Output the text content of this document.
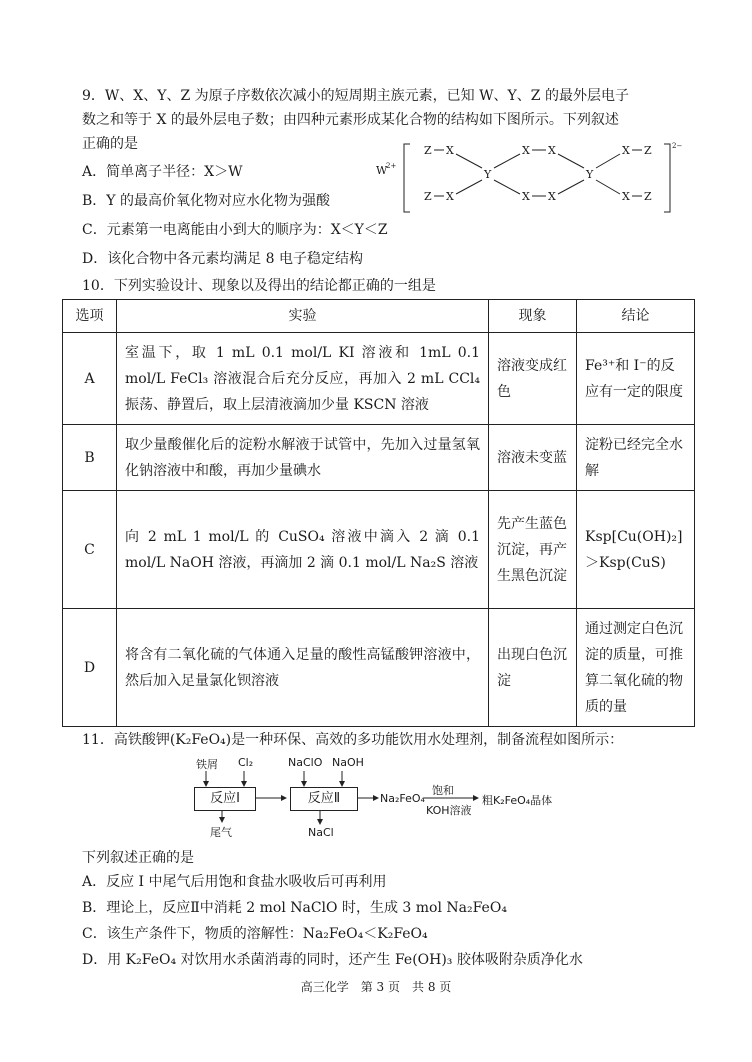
9．W、X、Y、Z 为原子序数依次减小的短周期主族元素，已知 W、Y、Z 的最外层电子
数之和等于 X 的最外层电子数；由四种元素形成某化合物的结构如下图所示。下列叙述
正确的是
A．简单离子半径：X＞W
B．Y 的最高价氧化物对应水化物为强酸
C．元素第一电离能由小到大的顺序为：X＜Y＜Z
D．该化合物中各元素均满足 8 电子稳定结构
W
2+
2−
Z X
Z X
Y
X X
X X
Y
X Z
X Z
10．下列实验设计、现象以及得出的结论都正确的一组是
选项	实验	现象	结论
A	室温下，取 1 mL 0.1 mol/L KI 溶液和 1mL 0.1 mol/L FeCl₃ 溶液混合后充分反应，再加入 2 mL CCl₄ 振荡、静置后，取上层清液滴加少量 KSCN 溶液	溶液变成红色	Fe³⁺和 I⁻的反应有一定的限度
B	取少量酸催化后的淀粉水解液于试管中，先加入过量氢氧化钠溶液中和酸，再加少量碘水	溶液未变蓝	淀粉已经完全水解
C	向 2 mL 1 mol/L 的 CuSO₄ 溶液中滴入 2 滴 0.1 mol/L NaOH 溶液，再滴加 2 滴 0.1 mol/L Na₂S 溶液	先产生蓝色沉淀，再产生黑色沉淀	Ksp[Cu(OH)₂]＞Ksp(CuS)
D	将含有二氧化硫的气体通入足量的酸性高锰酸钾溶液中，然后加入足量氯化钡溶液	出现白色沉淀	通过测定白色沉淀的质量，可推算二氧化硫的物质的量
11．高铁酸钾(K₂FeO₄)是一种环保、高效的多功能饮用水处理剂，制备流程如图所示：
铁屑 Cl₂	NaClO NaOH
反应Ⅰ	反应Ⅱ	Na₂FeO₄
饱和
KOH溶液
粗K₂FeO₄晶体
尾气	NaCl
下列叙述正确的是
A．反应 I 中尾气后用饱和食盐水吸收后可再利用
B．理论上，反应Ⅱ中消耗 2 mol NaClO 时，生成 3 mol Na₂FeO₄
C．该生产条件下，物质的溶解性：Na₂FeO₄＜K₂FeO₄
D．用 K₂FeO₄ 对饮用水杀菌消毒的同时，还产生 Fe(OH)₃ 胶体吸附杂质净化水
高三化学　第 3 页　共 8 页
